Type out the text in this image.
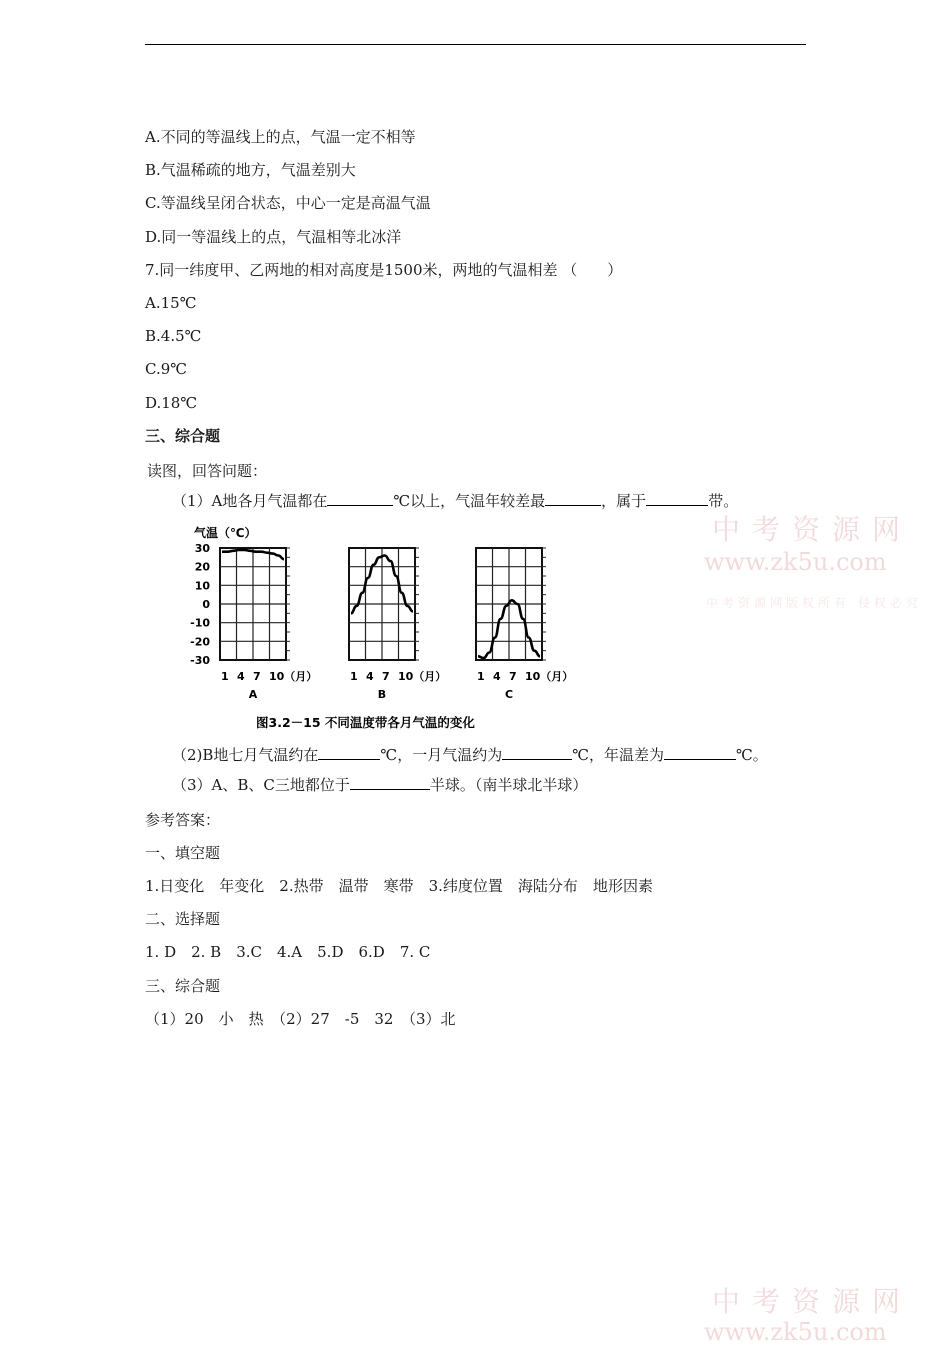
A.不同的等温线上的点，气温一定不相等
B.气温稀疏的地方，气温差别大
C.等温线呈闭合状态，中心一定是高温气温
D.同一等温线上的点，气温相等北冰洋
7.同一纬度甲、乙两地的相对高度是1500米，两地的气温相差 （　　）
A.15℃
B.4.5℃
C.9℃
D.18℃
三、综合题
读图，回答问题：
（1）A地各月气温都在	℃以上，气温年较差最	，属于	带。
气温（℃）
30
20
10
0
-10
-20
-30
1 4 7 10（月）
A
1 4 7 10（月）
B
1 4 7 10（月）
C
图3.2－15 不同温度带各月气温的变化
（2)B地七月气温约在	℃，一月气温约为	℃，年温差为	℃。
（3）A、B、C三地都位于	半球。（南半球北半球）
参考答案：
一、填空题
1.日变化　年变化　2.热带　温带　寒带　3.纬度位置　海陆分布　地形因素
二、选择题
1. D　2. B　3.C　4.A　5.D　6.D　7. C
三、综合题
（1）20　小　热　（2）27　-5　32　（3）北
中考资源网
www.zk5u.com
中考资源网版权所有 侵权必究
中考资源网
www.zk5u.com
